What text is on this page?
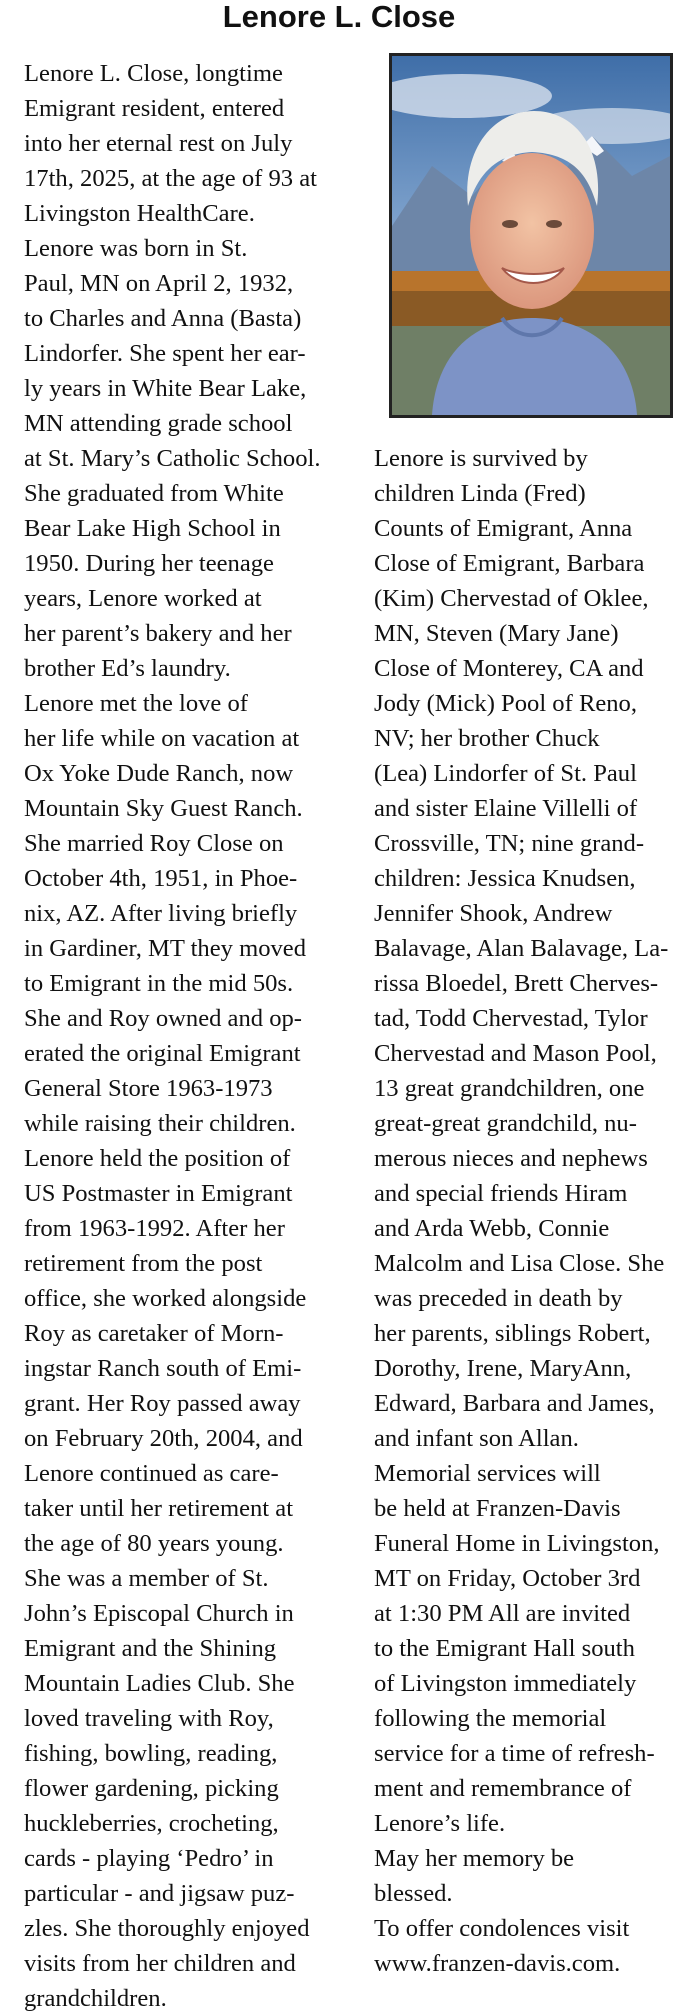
Lenore L. Close

Lenore L. Close, longtime
Emigrant resident, entered
into her eternal rest on July
17th, 2025, at the age of 93 at
Livingston HealthCare.

Lenore was born in St.
Paul, MN on April 2, 1932,
to Charles and Anna (Basta)
Lindorfer. She spent her ear-
ly years in White Bear Lake,
MN attending grade school
at St. Mary’s Catholic School.
She graduated from White
Bear Lake High School in
1950. During her teenage
years, Lenore worked at
her parent’s bakery and her
brother Ed’s laundry.

Lenore met the love of
her life while on vacation at
Ox Yoke Dude Ranch, now
Mountain Sky Guest Ranch.
She married Roy Close on
October 4th, 1951, in Phoe-
nix, AZ. After living briefly
in Gardiner, MT they moved
to Emigrant in the mid 50s.
She and Roy owned and op-
erated the original Emigrant
General Store 1963-1973
while raising their children.
Lenore held the position of
US Postmaster in Emigrant
from 1963-1992. After her
retirement from the post
office, she worked alongside
Roy as caretaker of Morn-
ingstar Ranch south of Emi-
grant. Her Roy passed away
on February 20th, 2004, and
Lenore continued as care-
taker until her retirement at
the age of 80 years young.

She was a member of St.
John’s Episcopal Church in
Emigrant and the Shining
Mountain Ladies Club. She
loved traveling with Roy,
fishing, bowling, reading,
flower gardening, picking
huckleberries, crocheting,
cards - playing ‘Pedro’ in
particular - and jigsaw puz-
zles. She thoroughly enjoyed
visits from her children and
grandchildren.

Lenore is survived by
children Linda (Fred)
Counts of Emigrant, Anna
Close of Emigrant, Barbara
(Kim) Chervestad of Oklee,
MN, Steven (Mary Jane)
Close of Monterey, CA and
Jody (Mick) Pool of Reno,
NV; her brother Chuck
(Lea) Lindorfer of St. Paul
and sister Elaine Villelli of
Crossville, TN; nine grand-
children: Jessica Knudsen,
Jennifer Shook, Andrew
Balavage, Alan Balavage, La-
rissa Bloedel, Brett Cherves-
tad, Todd Chervestad, Tylor
Chervestad and Mason Pool,
13 great grandchildren, one
great-great grandchild, nu-
merous nieces and nephews
and special friends Hiram
and Arda Webb, Connie
Malcolm and Lisa Close. She
was preceded in death by
her parents, siblings Robert,
Dorothy, Irene, MaryAnn,
Edward, Barbara and James,
and infant son Allan.

Memorial services will
be held at Franzen-Davis
Funeral Home in Livingston,
MT on Friday, October 3rd
at 1:30 PM All are invited
to the Emigrant Hall south
of Livingston immediately
following the memorial
service for a time of refresh-
ment and remembrance of
Lenore’s life.

May her memory be
blessed.

To offer condolences visit
www.franzen-davis.com.
